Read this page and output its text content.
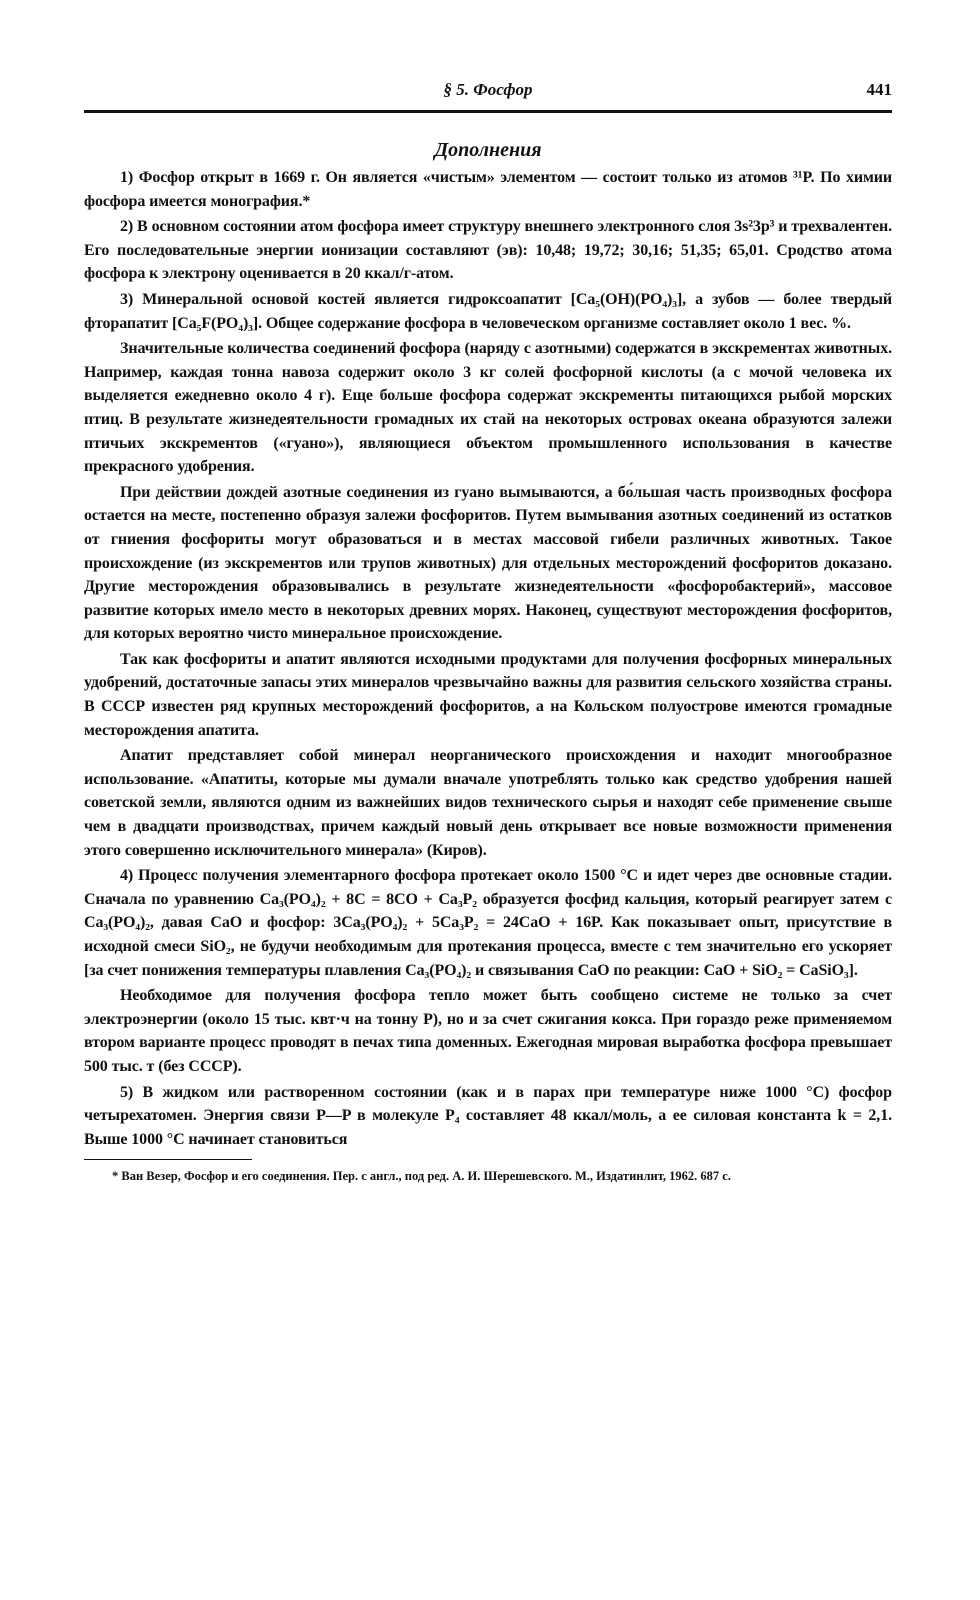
§ 5. Фосфор	441
Дополнения

1) Фосфор открыт в 1669 г. Он является «чистым» элементом — состоит только из атомов ³¹P. По химии фосфора имеется монография.*

2) В основном состоянии атом фосфора имеет структуру внешнего электронного слоя 3s²3p³ и трехвалентен. Его последовательные энергии ионизации составляют (эв): 10,48; 19,72; 30,16; 51,35; 65,01. Сродство атома фосфора к электрону оценивается в 20 ккал/г-атом.

3) Минеральной основой костей является гидроксоапатит [Ca₅(OH)(PO₄)₃], а зубов — более твердый фторапатит [Ca₅F(PO₄)₃]. Общее содержание фосфора в человеческом организме составляет около 1 вес. %.

Значительные количества соединений фосфора (наряду с азотными) содержатся в экскрементах животных. Например, каждая тонна навоза содержит около 3 кг солей фосфорной кислоты (а с мочой человека их выделяется ежедневно около 4 г). Еще больше фосфора содержат экскременты питающихся рыбой морских птиц. В результате жизнедеятельности громадных их стай на некоторых островах океана образуются залежи птичьих экскрементов («гуано»), являющиеся объектом промышленного использования в качестве прекрасного удобрения.

При действии дождей азотные соединения из гуано вымываются, а бо́льшая часть производных фосфора остается на месте, постепенно образуя залежи фосфоритов. Путем вымывания азотных соединений из остатков от гниения фосфориты могут образоваться и в местах массовой гибели различных животных. Такое происхождение (из экскрементов или трупов животных) для отдельных месторождений фосфоритов доказано. Другие месторождения образовывались в результате жизнедеятельности «фосфоробактерий», массовое развитие которых имело место в некоторых древних морях. Наконец, существуют месторождения фосфоритов, для которых вероятно чисто минеральное происхождение.

Так как фосфориты и апатит являются исходными продуктами для получения фосфорных минеральных удобрений, достаточные запасы этих минералов чрезвычайно важны для развития сельского хозяйства страны. В СССР известен ряд крупных месторождений фосфоритов, а на Кольском полуострове имеются громадные месторождения апатита.

Апатит представляет собой минерал неорганического происхождения и находит многообразное использование. «Апатиты, которые мы думали вначале употреблять только как средство удобрения нашей советской земли, являются одним из важнейших видов технического сырья и находят себе применение свыше чем в двадцати производствах, причем каждый новый день открывает все новые возможности применения этого совершенно исключительного минерала» (Киров).

4) Процесс получения элементарного фосфора протекает около 1500 °C и идет через две основные стадии. Сначала по уравнению Ca₃(PO₄)₂ + 8C = 8CO + Ca₃P₂ образуется фосфид кальция, который реагирует затем с Ca₃(PO₄)₂, давая CaO и фосфор: 3Ca₃(PO₄)₂ + 5Ca₃P₂ = 24CaO + 16P. Как показывает опыт, присутствие в исходной смеси SiO₂, не будучи необходимым для протекания процесса, вместе с тем значительно его ускоряет [за счет понижения температуры плавления Ca₃(PO₄)₂ и связывания CaO по реакции: CaO + SiO₂ = CaSiO₃].

Необходимое для получения фосфора тепло может быть сообщено системе не только за счет электроэнергии (около 15 тыс. квт·ч на тонну P), но и за счет сжигания кокса. При гораздо реже применяемом втором варианте процесс проводят в печах типа доменных. Ежегодная мировая выработка фосфора превышает 500 тыс. т (без СССР).

5) В жидком или растворенном состоянии (как и в парах при температуре ниже 1000 °C) фосфор четырехатомен. Энергия связи P—P в молекуле P₄ составляет 48 ккал/моль, а ее силовая константа k = 2,1. Выше 1000 °C начинает становиться

* Ван Везер, Фосфор и его соединения. Пер. с англ., под ред. А. И. Шерешевского. М., Издатинлит, 1962. 687 с.
